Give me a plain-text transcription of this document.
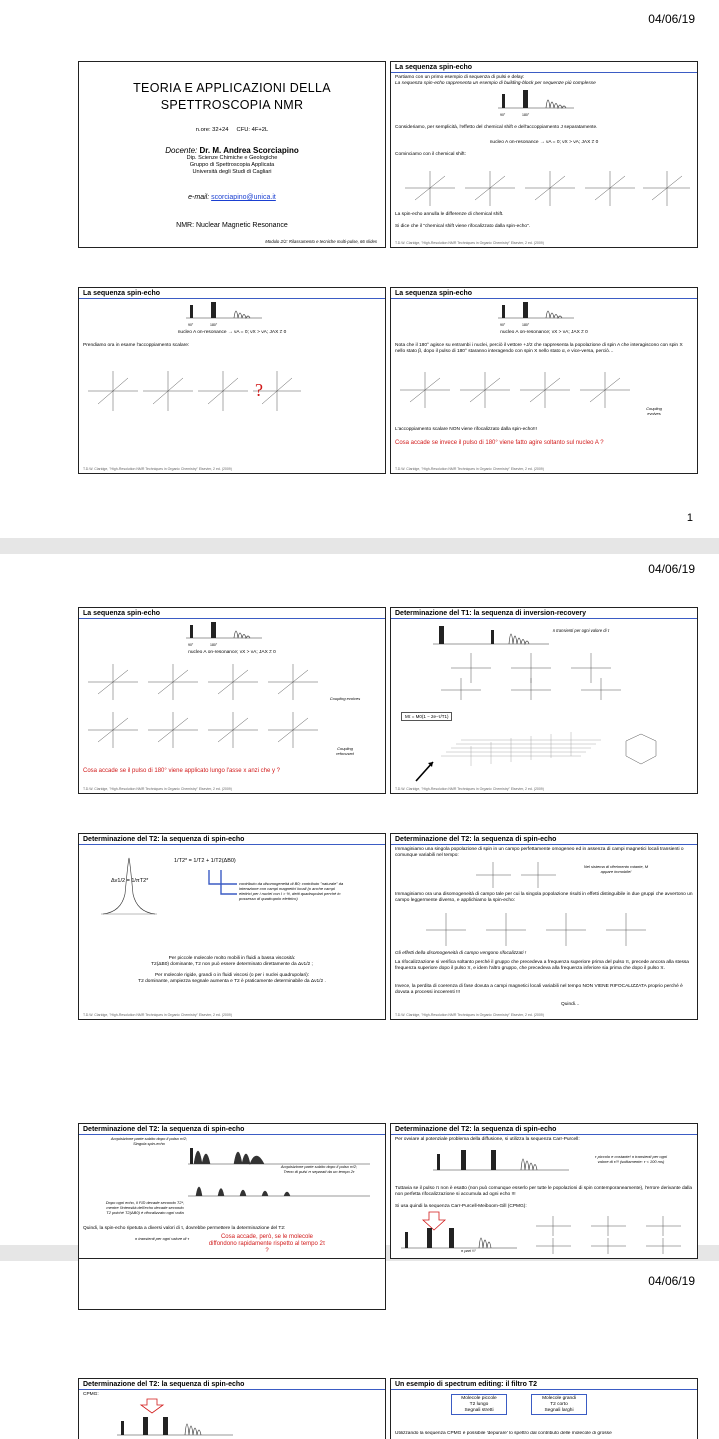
04/06/19
TEORIA E APPLICAZIONI DELLA
SPETTROSCOPIA NMR
n.ore: 32+24 CFU: 4F+2L
Docente: Dr. M. Andrea Scorciapino
Dip. Scienze Chimiche e Geologiche
Gruppo di Spettroscopia Applicata
Università degli Studi di Cagliari
e-mail: scorciapino@unica.it
NMR: Nuclear Magnetic Resonance
Modulo 2/2: Rilassamento e tecniche multi-pulse, 66 slides
La sequenza spin-echo
Partiamo con un primo esempio di sequenza di pulsi e delay:
La sequenza spin-echo rappresenta un esempio di building-block per sequenze più complesse
90°	180°
Consideriamo, per semplicità, l'effetto del chemical shift e dell'accoppiamento J separatamente.
nucleo A on-resonance → νA = 0; νX > νA; JAX ≠ 0
Cominciamo con il chemical shift:
La spin-echo annulla le differenze di chemical shift.
Si dice che il "chemical shift viene rifocalizzato dalla spin-echo".
T.D.W. Claridge, "High-Resolution NMR Techniques in Organic Chemistry" Elsevier, 2 ed. (2009)
La sequenza spin-echo
90°	180°
nucleo A on-resonance → νA = 0; νX > νA; JAX ≠ 0
Prendiamo ora in esame l'accoppiamento scalare:
?
T.D.W. Claridge, "High-Resolution NMR Techniques in Organic Chemistry" Elsevier, 2 ed. (2009)
La sequenza spin-echo
90°	180°
nucleo A on-resonance; νX > νA; JAX ≠ 0
Nota che il 180° agisce su entrambi i nuclei, perciò il vettore +J/2 che rappresenta la popolazione di spin A che interagiscono con spin X nello stato β, dopo il pulso di 180° staranno interagendo con spin X nello stato α, e vice-versa, perciò…
Coupling evolves
L'accoppiamento scalare NON viene rifocalizzato dalla spin-echo!!!
Cosa accade se invece il pulso di 180° viene fatto agire soltanto sul nucleo A ?
T.D.W. Claridge, "High-Resolution NMR Techniques in Organic Chemistry" Elsevier, 2 ed. (2009)
1
04/06/19
La sequenza spin-echo
90°	180°
nucleo A on-resonance; νX > νA; JAX ≠ 0
Coupling evolves
Coupling refocused
Cosa accade se il pulso di 180° viene applicato lungo l'asse x anzi che y ?
T.D.W. Claridge, "High-Resolution NMR Techniques in Organic Chemistry" Elsevier, 2 ed. (2009)
Determinazione del T1: la sequenza di inversion-recovery
n transienti per ogni valore di τ
Mτ = M0(1 − 2e−τ/T1)
T.D.W. Claridge, "High-Resolution NMR Techniques in Organic Chemistry" Elsevier, 2 ed. (2009)
Determinazione del T2: la sequenza di spin-echo
Δν1/2 = 1/πT2*
1/T2* = 1/T2 + 1/T2(ΔB0)
contributo da disomogeneità di B0; contributo "naturale" da interazione con campi magnetici locali (o anche campi elettrici per i nuclei con I > ½, detti quadrupolari perché in possesso di quadrupolo elettrico)
Per piccole molecole molto mobili in fluidi a bassa viscosità:
T2(ΔB0) dominante, T2 non può essere determinato direttamente da Δν1/2 ;
Per molecole rigide, grandi o in fluidi viscosi (o per i nuclei quadrupolari):
T2 dominante, ampiezza segnale aumenta e T2 è praticamente determinabile da Δν1/2 .
T.D.W. Claridge, "High-Resolution NMR Techniques in Organic Chemistry" Elsevier, 2 ed. (2009)
Determinazione del T2: la sequenza di spin-echo
Immaginiamo una singola popolazione di spin in un campo perfettamente omogeneo ed in assenza di campi magnetici locali transienti o comunque variabili nel tempo:
Nel sistema di riferimento rotante, M appare immobile!
Immaginiamo ora una disomogeneità di campo tale per cui la singola popolazione risulti in effetti distinguibile in due gruppi che avvertono un campo leggermente diverso, e applichiamo la spin-echo:
Gli effetti della disomogeneità di campo vengono rifocalizzati !
La rifocalizzazione si verifica soltanto perché il gruppo che precedeva a frequenza superiore prima del pulso π, precede ancora alla stessa frequenza superiore dopo il pulso π, e idem l'altro gruppo, che precedeva alla frequenza inferiore sia prima che dopo il pulso π.
Invece, la perdita di coerenza di fase dovuta a campi magnetici locali variabili nel tempo NON VIENE RIFOCALIZZATA proprio perché è dovuta a processi incoerenti !!!
Quindi…
T.D.W. Claridge, "High-Resolution NMR Techniques in Organic Chemistry" Elsevier, 2 ed. (2009)
04/06/19
Determinazione del T2: la sequenza di spin-echo
Acquisizione parte subito dopo il pulso π/2; Singola spin-echo
Acquisizione parte subito dopo il pulso π/2; Treno di pulsi π separati da un tempo 2τ
Dopo ogni echo, il FID decade secondo T2*, mentre l'intensità dell'echo decade secondo T2 poiché T2(ΔB0) è rifocalizzato ogni volta
Quindi, la spin-echo ripetuta a diversi valori di τ, dovrebbe permettere la determinazione del T2:
n transienti per ogni valore di τ	Cosa accade, però, se le molecole diffondono rapidamente rispetto al tempo 2τ ?
Determinazione del T2: la sequenza di spin-echo
Per ovviare al potenziale problema della diffusione, si utilizza la sequenza Carr-Purcell:
τ piccolo e costante! n transienti per ogni valore di τ!!! (solitamente: τ < 100 ms)
Tuttavia se il pulso π non è esatto (non può comunque esserlo per tutte le popolazioni di spin contemporaneamente), l'errore derivante dalla non perfetta rifocalizzazione si accumula ad ogni echo !!!
Si usa quindi la sequenza Carr-Purcell-Meiboom-Gill (CPMG):
n pari !!!
Determinazione del T2: la sequenza di spin-echo
CPMG:
Un esempio di spectrum editing: il filtro T2
Molecole piccole
T2 lungo
Segnali stretti
Molecole grandi
T2 corto
Segnali larghi
Utilizzando la sequenza CPMG è possibile 'depurare' lo spettro dal contributo delle molecole di grosse
